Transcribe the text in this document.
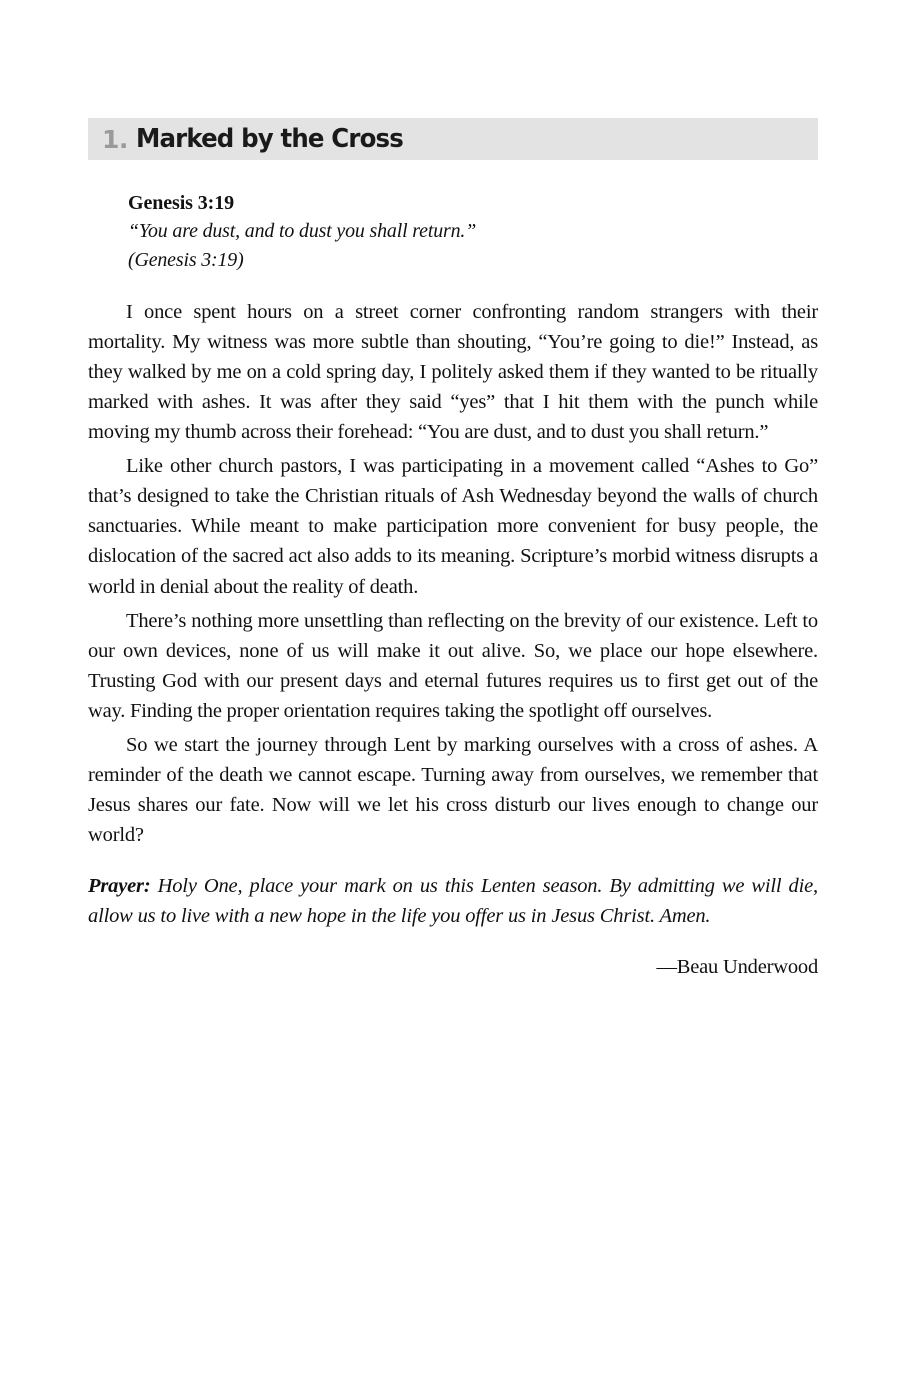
1. Marked by the Cross
Genesis 3:19
“You are dust, and to dust you shall return.”
(Genesis 3:19)

I once spent hours on a street corner confronting random strangers with their mortality. My witness was more subtle than shouting, “You’re going to die!” Instead, as they walked by me on a cold spring day, I politely asked them if they wanted to be ritually marked with ashes. It was after they said “yes” that I hit them with the punch while moving my thumb across their forehead: “You are dust, and to dust you shall return.”

Like other church pastors, I was participating in a movement called “Ashes to Go” that’s designed to take the Christian rituals of Ash Wednesday beyond the walls of church sanctuaries. While meant to make participation more convenient for busy people, the dislocation of the sacred act also adds to its meaning. Scripture’s morbid witness disrupts a world in denial about the reality of death.

There’s nothing more unsettling than reflecting on the brevity of our existence. Left to our own devices, none of us will make it out alive. So, we place our hope elsewhere. Trusting God with our present days and eternal futures requires us to first get out of the way. Finding the proper orientation requires taking the spotlight off ourselves.

So we start the journey through Lent by marking ourselves with a cross of ashes. A reminder of the death we cannot escape. Turning away from ourselves, we remember that Jesus shares our fate. Now will we let his cross disturb our lives enough to change our world?

Prayer: Holy One, place your mark on us this Lenten season. By admitting we will die, allow us to live with a new hope in the life you offer us in Jesus Christ. Amen.
—Beau Underwood
